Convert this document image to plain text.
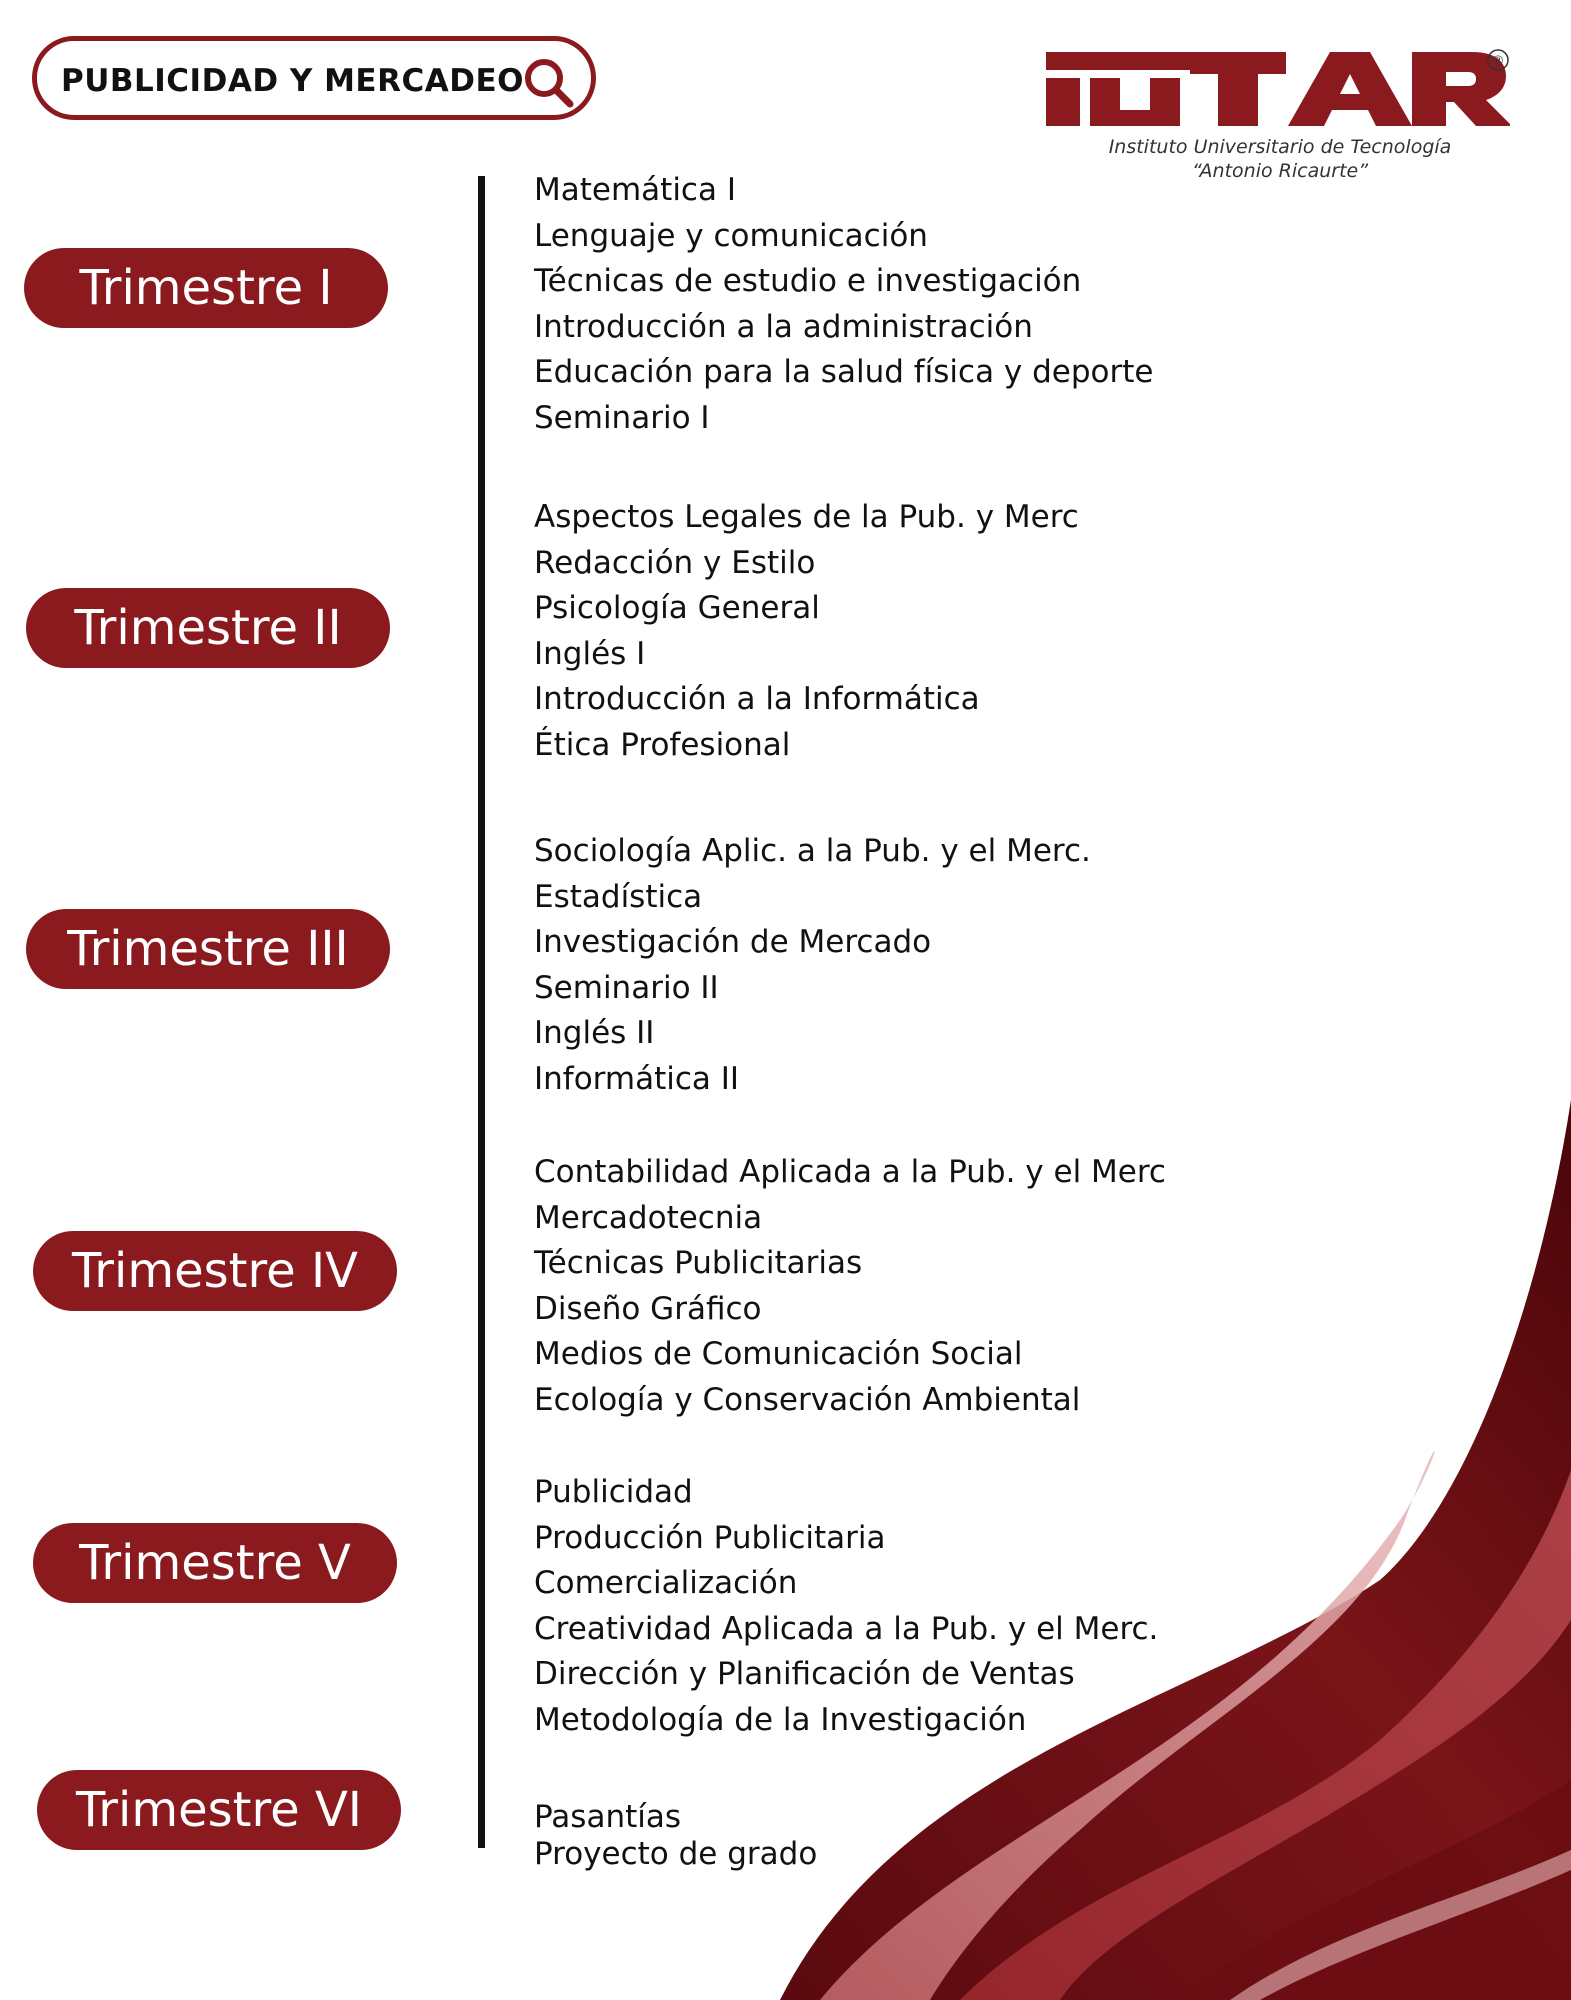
PUBLICIDAD Y MERCADEO
®
Instituto Universitario de Tecnología
“Antonio Ricaurte”
Trimestre I
Trimestre II
Trimestre III
Trimestre IV
Trimestre V
Trimestre VI
Matemática I
Lenguaje y comunicación
Técnicas de estudio e investigación
Introducción a la administración
Educación para la salud física y deporte
Seminario I
Aspectos Legales de la Pub. y Merc
Redacción y Estilo
Psicología General
Inglés I
Introducción a la Informática
Ética Profesional
Sociología Aplic. a la Pub. y el Merc.
Estadística
Investigación de Mercado
Seminario II
Inglés II
Informática II
Contabilidad Aplicada a la Pub. y el Merc
Mercadotecnia
Técnicas Publicitarias
Diseño Gráfico
Medios de Comunicación Social
Ecología y Conservación Ambiental
Publicidad
Producción Publicitaria
Comercialización
Creatividad Aplicada a la Pub. y el Merc.
Dirección y Planificación de Ventas
Metodología de la Investigación
Pasantías
Proyecto de grado
